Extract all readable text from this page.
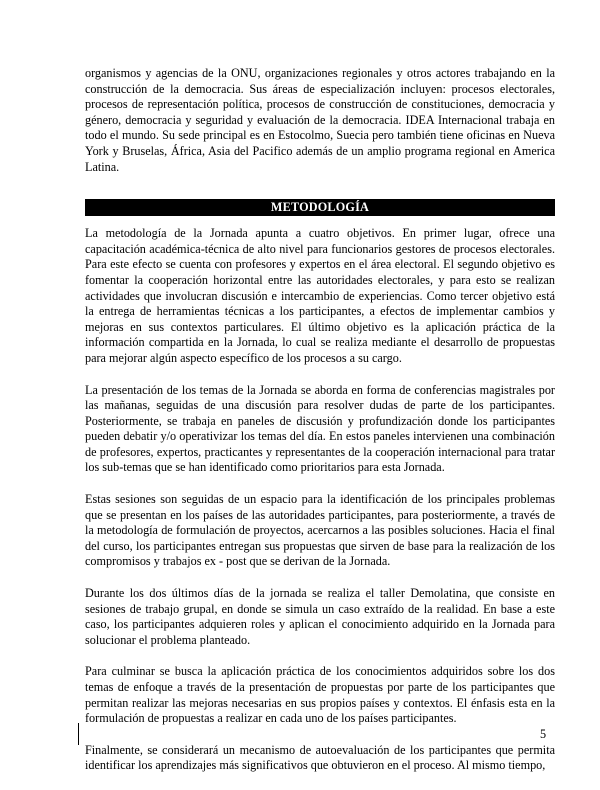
organismos y agencias de la ONU, organizaciones regionales y otros actores trabajando en la construcción de la democracia. Sus áreas de especialización incluyen: procesos electorales, procesos de representación política, procesos de construcción de constituciones, democracia y género, democracia y seguridad y evaluación de la democracia. IDEA Internacional trabaja en todo el mundo. Su sede principal es en Estocolmo, Suecia pero también tiene oficinas en Nueva York y Bruselas, África, Asia del Pacifico además de un amplio programa regional en America Latina.

METODOLOGÍA

La metodología de la Jornada apunta a cuatro objetivos. En primer lugar, ofrece una capacitación académica-técnica de alto nivel para funcionarios gestores de procesos electorales. Para este efecto se cuenta con profesores y expertos en el área electoral. El segundo objetivo es fomentar la cooperación horizontal entre las autoridades electorales, y para esto se realizan actividades que involucran discusión e intercambio de experiencias. Como tercer objetivo está la entrega de herramientas técnicas a los participantes, a efectos de implementar cambios y mejoras en sus contextos particulares. El último objetivo es la aplicación práctica de la información compartida en la Jornada, lo cual se realiza mediante el desarrollo de propuestas para mejorar algún aspecto específico de los procesos a su cargo.

La presentación de los temas de la Jornada se aborda en forma de conferencias magistrales por las mañanas, seguidas de una discusión para resolver dudas de parte de los participantes. Posteriormente, se trabaja en paneles de discusión y profundización donde los participantes pueden debatir y/o operativizar los temas del día. En estos paneles intervienen una combinación de profesores, expertos, practicantes y representantes de la cooperación internacional para tratar los sub-temas que se han identificado como prioritarios para esta Jornada.

Estas sesiones son seguidas de un espacio para la identificación de los principales problemas que se presentan en los países de las autoridades participantes, para posteriormente, a través de la metodología de formulación de proyectos, acercarnos a las posibles soluciones. Hacia el final del curso, los participantes entregan sus propuestas que sirven de base para la realización de los compromisos y trabajos ex - post que se derivan de la Jornada.

Durante los dos últimos días de la jornada se realiza el taller Demolatina, que consiste en sesiones de trabajo grupal, en donde se simula un caso extraído de la realidad. En base a este caso, los participantes adquieren roles y aplican el conocimiento adquirido en la Jornada para solucionar el problema planteado.

Para culminar se busca la aplicación práctica de los conocimientos adquiridos sobre los dos temas de enfoque a través de la presentación de propuestas por parte de los participantes que permitan realizar las mejoras necesarias en sus propios países y contextos. El énfasis esta en la formulación de propuestas a realizar en cada uno de los países participantes.

Finalmente, se considerará un mecanismo de autoevaluación de los participantes que permita identificar los aprendizajes más significativos que obtuvieron en el proceso. Al mismo tiempo,

5
